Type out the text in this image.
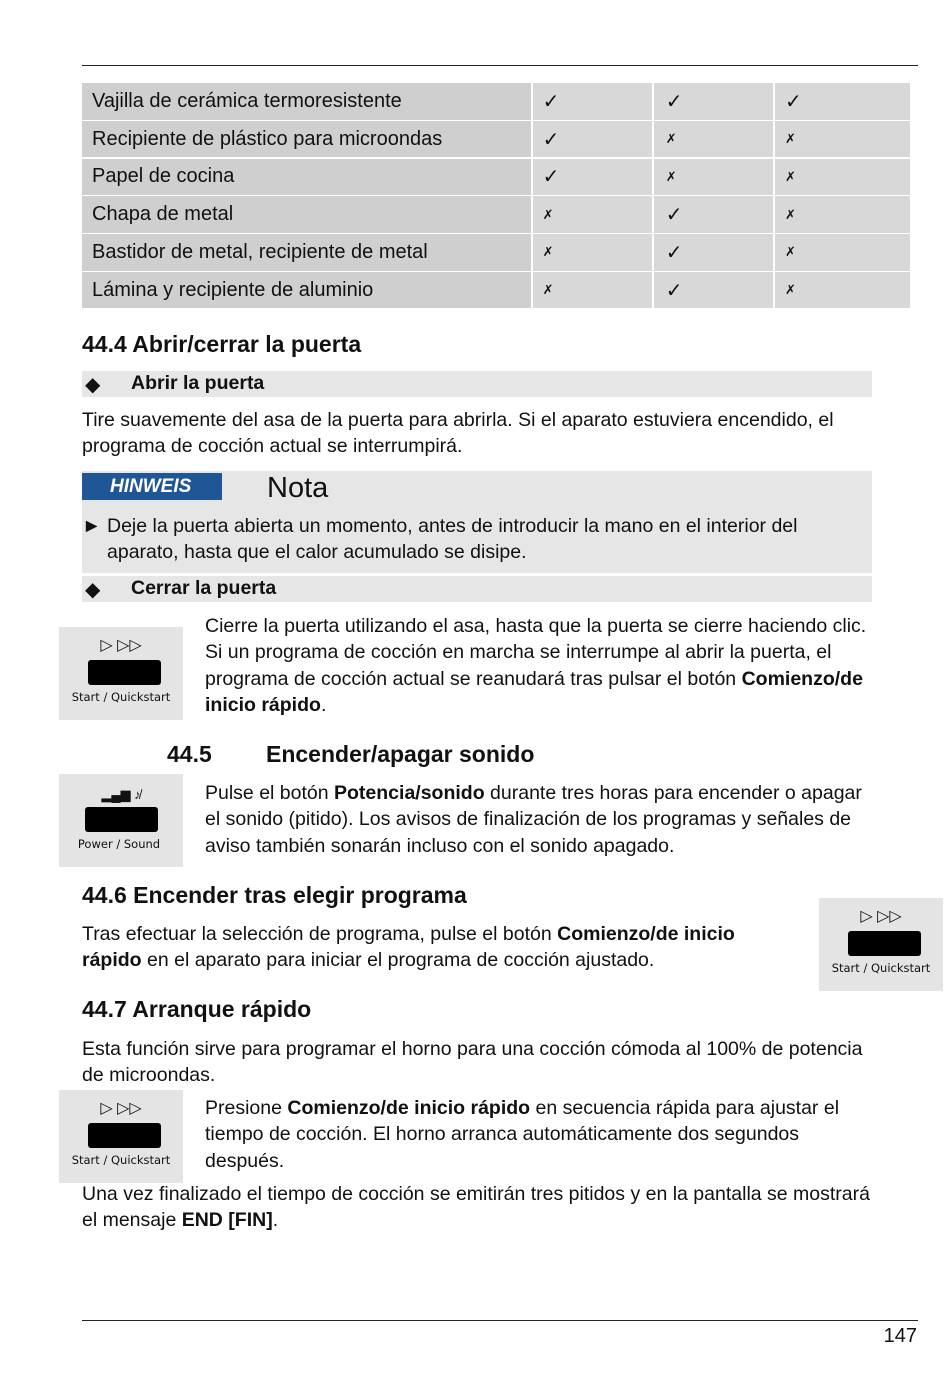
Vajilla de cerámica termoresistente	✓	✓	✓
Recipiente de plástico para microondas	✓	✗	✗
Papel de cocina	✓	✗	✗
Chapa de metal	✗	✓	✗
Bastidor de metal, recipiente de metal	✗	✓	✗
Lámina y recipiente de aluminio	✗	✓	✗
44.4 Abrir/cerrar la puerta
◆ Abrir la puerta

Tire suavemente del asa de la puerta para abrirla. Si el aparato estuviera encendido, el programa de cocción actual se interrumpirá.

HINWEIS	Nota
► Deje la puerta abierta un momento, antes de introducir la mano en el interior del aparato, hasta que el calor acumulado se disipe.
◆ Cerrar la puerta
▷ ▷▷
Start / Quickstart

Cierre la puerta utilizando el asa, hasta que la puerta se cierre haciendo clic. Si un programa de cocción en marcha se interrumpe al abrir la puerta, el programa de cocción actual se reanudará tras pulsar el botón Comienzo/de inicio rápido.

44.5 Encender/apagar sonido
▂▄▆ ♪̸
Power / Sound

Pulse el botón Potencia/sonido durante tres horas para encender o apagar el sonido (pitido). Los avisos de finalización de los programas y señales de aviso también sonarán incluso con el sonido apagado.

44.6 Encender tras elegir programa

Tras efectuar la selección de programa, pulse el botón Comienzo/de inicio rápido en el aparato para iniciar el programa de cocción ajustado.

▷ ▷▷
Start / Quickstart
44.7 Arranque rápido

Esta función sirve para programar el horno para una cocción cómoda al 100% de potencia de microondas.

▷ ▷▷
Start / Quickstart

Presione Comienzo/de inicio rápido en secuencia rápida para ajustar el tiempo de cocción. El horno arranca automáticamente dos segundos después.

Una vez finalizado el tiempo de cocción se emitirán tres pitidos y en la pantalla se mostrará el mensaje END [FIN].

147
